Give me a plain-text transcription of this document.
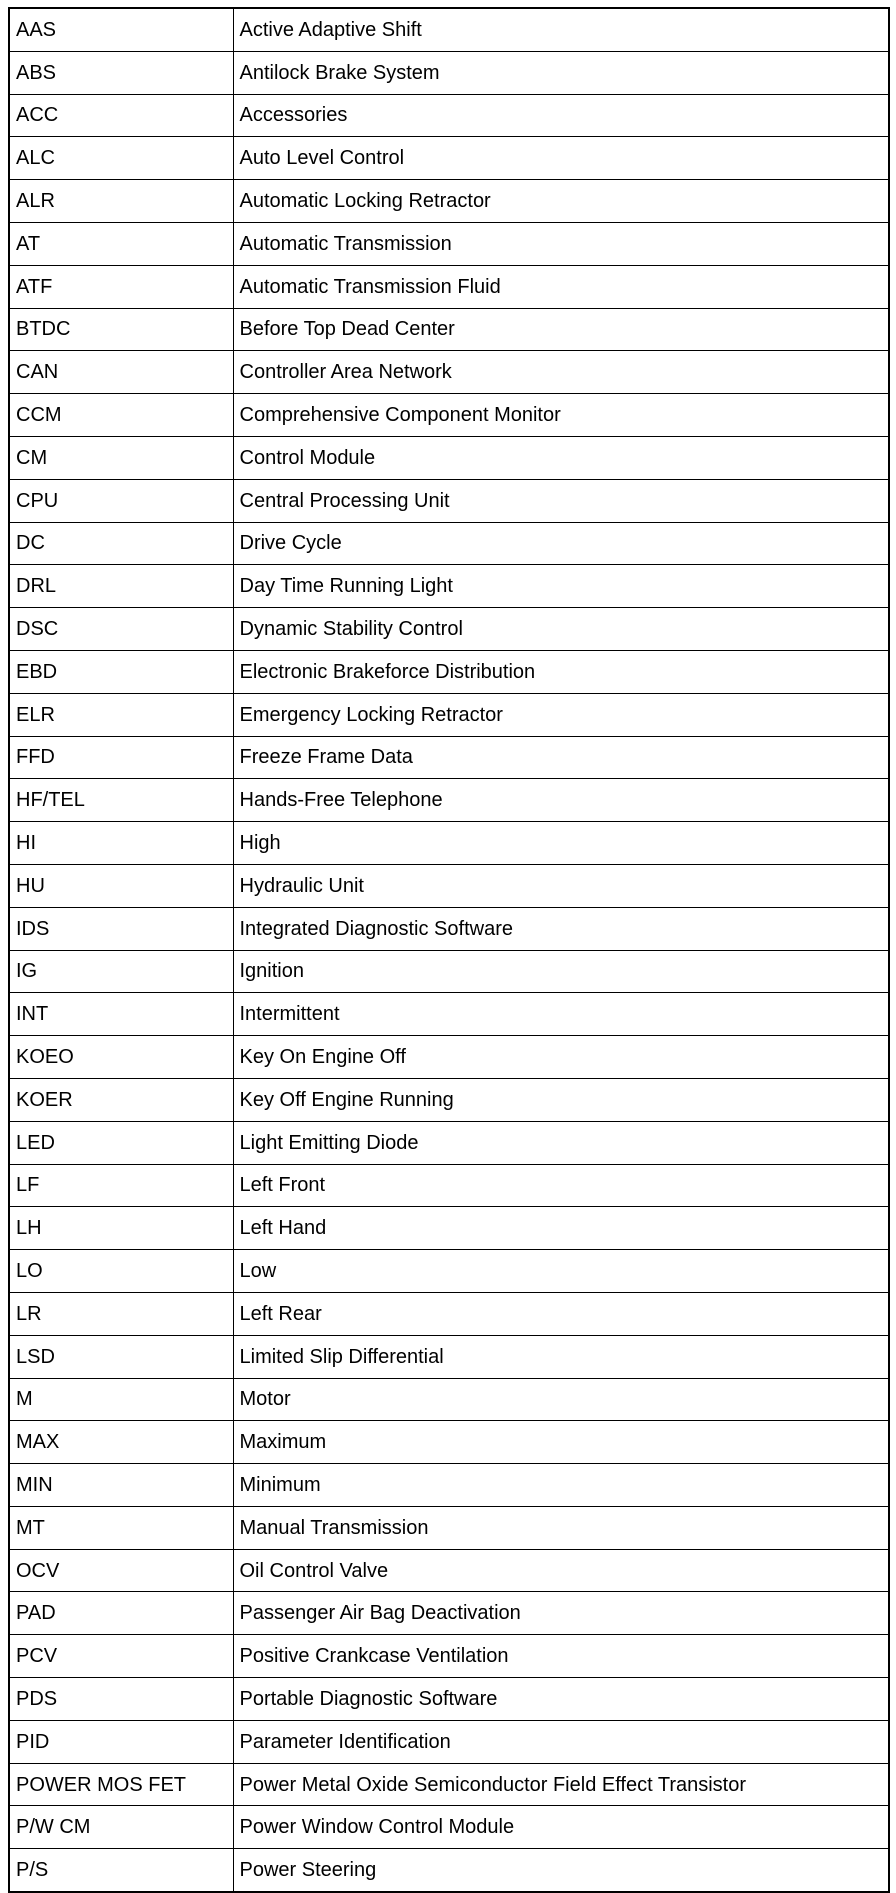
AAS	Active Adaptive Shift
ABS	Antilock Brake System
ACC	Accessories
ALC	Auto Level Control
ALR	Automatic Locking Retractor
AT	Automatic Transmission
ATF	Automatic Transmission Fluid
BTDC	Before Top Dead Center
CAN	Controller Area Network
CCM	Comprehensive Component Monitor
CM	Control Module
CPU	Central Processing Unit
DC	Drive Cycle
DRL	Day Time Running Light
DSC	Dynamic Stability Control
EBD	Electronic Brakeforce Distribution
ELR	Emergency Locking Retractor
FFD	Freeze Frame Data
HF/TEL	Hands-Free Telephone
HI	High
HU	Hydraulic Unit
IDS	Integrated Diagnostic Software
IG	Ignition
INT	Intermittent
KOEO	Key On Engine Off
KOER	Key Off Engine Running
LED	Light Emitting Diode
LF	Left Front
LH	Left Hand
LO	Low
LR	Left Rear
LSD	Limited Slip Differential
M	Motor
MAX	Maximum
MIN	Minimum
MT	Manual Transmission
OCV	Oil Control Valve
PAD	Passenger Air Bag Deactivation
PCV	Positive Crankcase Ventilation
PDS	Portable Diagnostic Software
PID	Parameter Identification
POWER MOS FET	Power Metal Oxide Semiconductor Field Effect Transistor
P/W CM	Power Window Control Module
P/S	Power Steering
